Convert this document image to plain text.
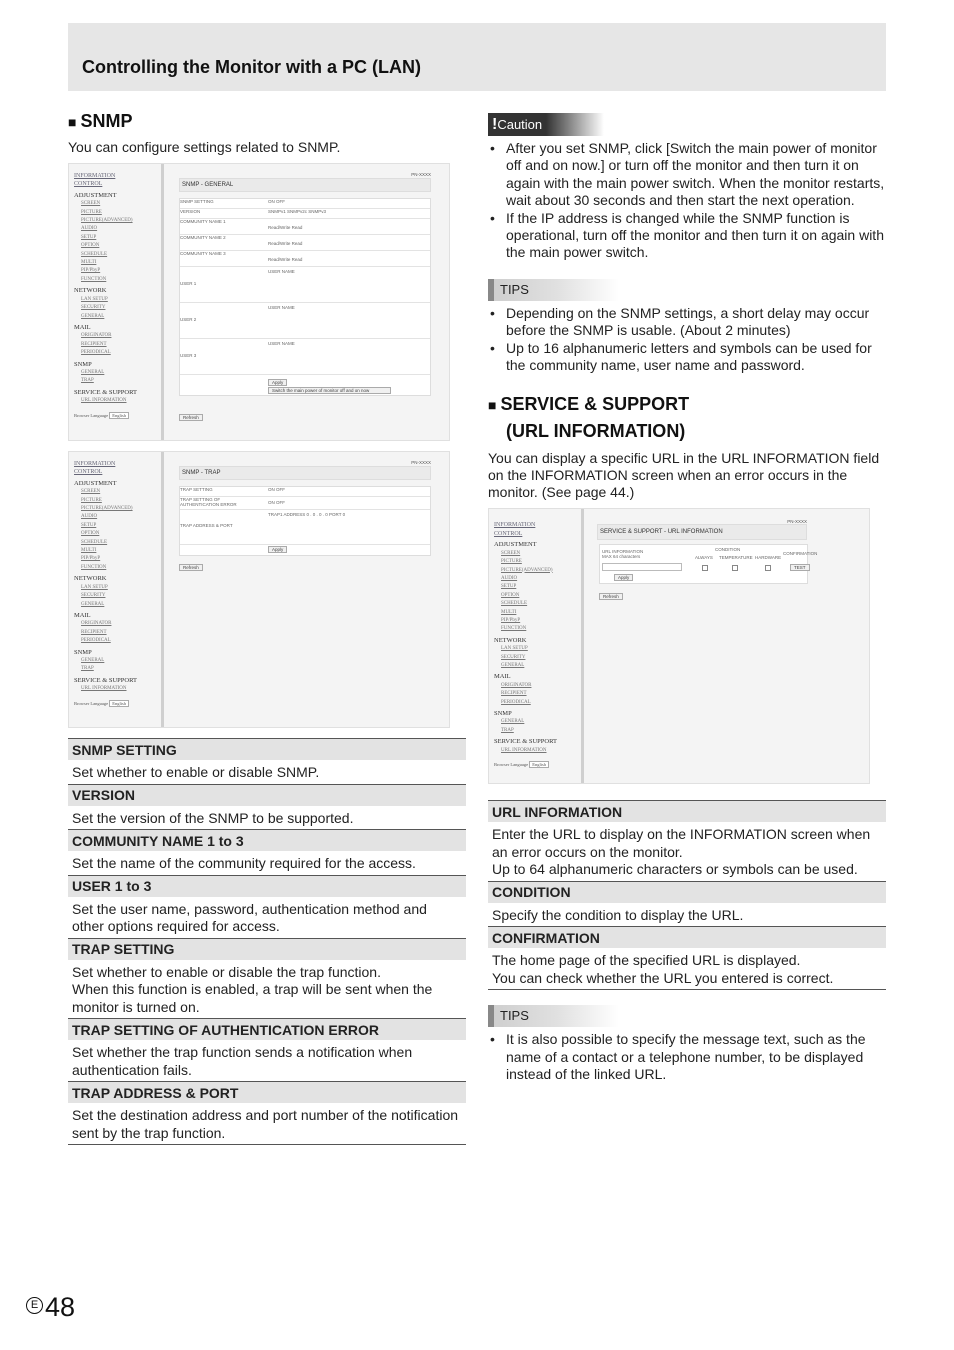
Controlling the Monitor with a PC (LAN)
■ SNMP

You can configure settings related to SNMP.

INFORMATION
CONTROL
ADJUSTMENT
SCREEN
PICTURE
PICTURE(ADVANCED)
AUDIO
SETUP
OPTION
SCHEDULE
MULTI
PIP/PbyP
FUNCTION
NETWORK
LAN SETUP
SECURITY
GENERAL
MAIL
ORIGINATOR
RECIPIENT
PERIODICAL
SNMP
GENERAL
TRAP
SERVICE & SUPPORT
URL INFORMATION
Browser Language English
PN-XXXX
SNMP - GENERAL
SNMP SETTING	ON OFF
VERSION	SNMPv1 SNMPv2c SNMPv3
COMMUNITY NAME 1
Read/Write Read
COMMUNITY NAME 2
Read/Write Read
COMMUNITY NAME 3
Read/Write Read
USER 1
USER NAME
USER 2
USER NAME
USER 3
USER NAME
Apply
Switch the main power of monitor off and on now
Refresh
INFORMATION
CONTROL
ADJUSTMENT
SCREEN
PICTURE
PICTURE(ADVANCED)
AUDIO
SETUP
OPTION
SCHEDULE
MULTI
PIP/PbyP
FUNCTION
NETWORK
LAN SETUP
SECURITY
GENERAL
MAIL
ORIGINATOR
RECIPIENT
PERIODICAL
SNMP
GENERAL
TRAP
SERVICE & SUPPORT
URL INFORMATION
Browser Language English
PN-XXXX
SNMP - TRAP
TRAP SETTING	ON OFF
TRAP SETTING OF AUTHENTICATION ERROR	ON OFF
TRAP ADDRESS & PORT
TRAP1 ADDRESS 0 . 0 . 0 . 0 PORT 0
Apply
Refresh
SNMP SETTING
Set whether to enable or disable SNMP.
VERSION
Set the version of the SNMP to be supported.
COMMUNITY NAME 1 to 3
Set the name of the community required for the access.
USER 1 to 3
Set the user name, password, authentication method and other options required for access.
TRAP SETTING
Set whether to enable or disable the trap function.
When this function is enabled, a trap will be sent when the monitor is turned on.
TRAP SETTING OF AUTHENTICATION ERROR
Set whether the trap function sends a notification when authentication fails.
TRAP ADDRESS & PORT
Set the destination address and port number of the notification sent by the trap function.
!Caution
• After you set SNMP, click [Switch the main power of monitor off and on now.] or turn off the monitor and then turn it on again with the main power switch. When the monitor restarts, wait about 30 seconds and then start the next operation.
• If the IP address is changed while the SNMP function is operational, turn off the monitor and then turn it on again with the main power switch.
TIPS
• Depending on the SNMP settings, a short delay may occur before the SNMP is usable. (About 2 minutes)
• Up to 16 alphanumeric letters and symbols can be used for the community name, user name and password.
■ SERVICE & SUPPORT
(URL INFORMATION)

You can display a specific URL in the URL INFORMATION field on the INFORMATION screen when an error occurs in the monitor. (See page 44.)

INFORMATION
CONTROL
ADJUSTMENT
SCREEN
PICTURE
PICTURE(ADVANCED)
AUDIO
SETUP
OPTION
SCHEDULE
MULTI
PIP/PbyP
FUNCTION
NETWORK
LAN SETUP
SECURITY
GENERAL
MAIL
ORIGINATOR
RECIPIENT
PERIODICAL
SNMP
GENERAL
TRAP
SERVICE & SUPPORT
URL INFORMATION
Browser Language English
PN-XXXX
SERVICE & SUPPORT - URL INFORMATION
URL INFORMATION
MAX 64 characters
CONDITION
ALWAYS TEMPERATURE HARDWARE
CONFIRMATION
TEST
Apply
Refresh
URL INFORMATION
Enter the URL to display on the INFORMATION screen when an error occurs on the monitor.
Up to 64 alphanumeric characters or symbols can be used.
CONDITION
Specify the condition to display the URL.
CONFIRMATION
The home page of the specified URL is displayed.
You can check whether the URL you entered is correct.
TIPS
• It is also possible to specify the message text, such as the name of a contact or a telephone number, to be displayed instead of the linked URL.
E 48
